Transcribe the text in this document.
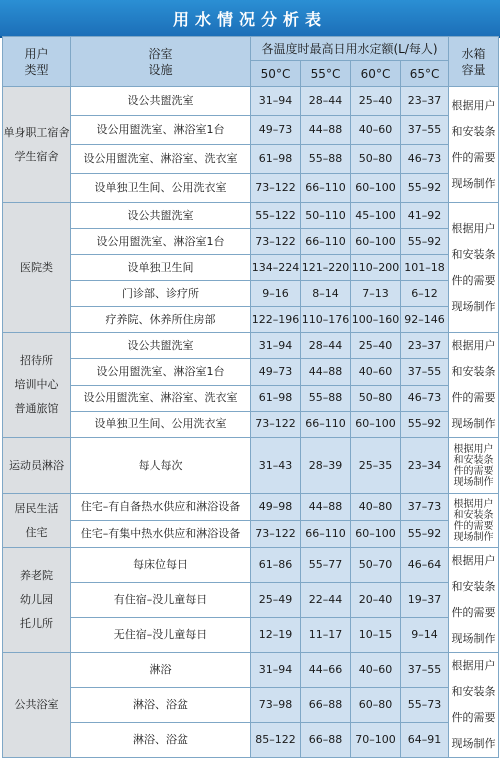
用水情况分析表
用户
类型	浴室
设施	各温度时最高日用水定额(L/每人)				水箱
容量

		50°C	55°C	60°C	65°C	

单身职工宿舍
学生宿舍	设公共盥洗室	31–94	28–44	25–40	23–37	根据用户
和安装条
件的需要
现场制作

	设公用盥洗室、淋浴室1台	49–73	44–88	40–60	37–55	
	设公用盥洗室、淋浴室、洗衣室	61–98	55–88	50–80	46–73	
	设单独卫生间、公用洗衣室	73–122	66–110	60–100	55–92	

医院类	设公共盥洗室	55–122	50–110	45–100	41–92	根据用户
和安装条
件的需要
现场制作

	设公用盥洗室、淋浴室1台	73–122	66–110	60–100	55–92	
	设单独卫生间	134–224	121–220	110–200	101–18	
	门诊部、诊疗所	9–16	8–14	7–13	6–12	
	疗养院、休养所住房部	122–196	110–176	100–160	92–146	

招待所
培训中心
普通旅馆	设公共盥洗室	31–94	28–44	25–40	23–37	根据用户
和安装条
件的需要
现场制作

	设公用盥洗室、淋浴室1台	49–73	44–88	40–60	37–55	
	设公用盥洗室、淋浴室、洗衣室	61–98	55–88	50–80	46–73	
	设单独卫生间、公用洗衣室	73–122	66–110	60–100	55–92	

运动员淋浴	每人每次	31–43	28–39	25–35	23–34	根据用户
和安装条
件的需要
现场制作

居民生活
住宅	住宅–有自备热水供应和淋浴设备	49–98	44–88	40–80	37–73	根据用户
和安装条
件的需要
现场制作

	住宅–有集中热水供应和淋浴设备	73–122	66–110	60–100	55–92	

养老院
幼儿园
托儿所	每床位每日	61–86	55–77	50–70	46–64	根据用户
和安装条
件的需要
现场制作

	有住宿–没儿童每日	25–49	22–44	20–40	19–37	
	无住宿–没儿童每日	12–19	11–17	10–15	9–14	

公共浴室	淋浴	31–94	44–66	40–60	37–55	根据用户
和安装条
件的需要
现场制作

	淋浴、浴盆	73–98	66–88	60–80	55–73	
	淋浴、浴盆	85–122	66–88	70–100	64–91	
